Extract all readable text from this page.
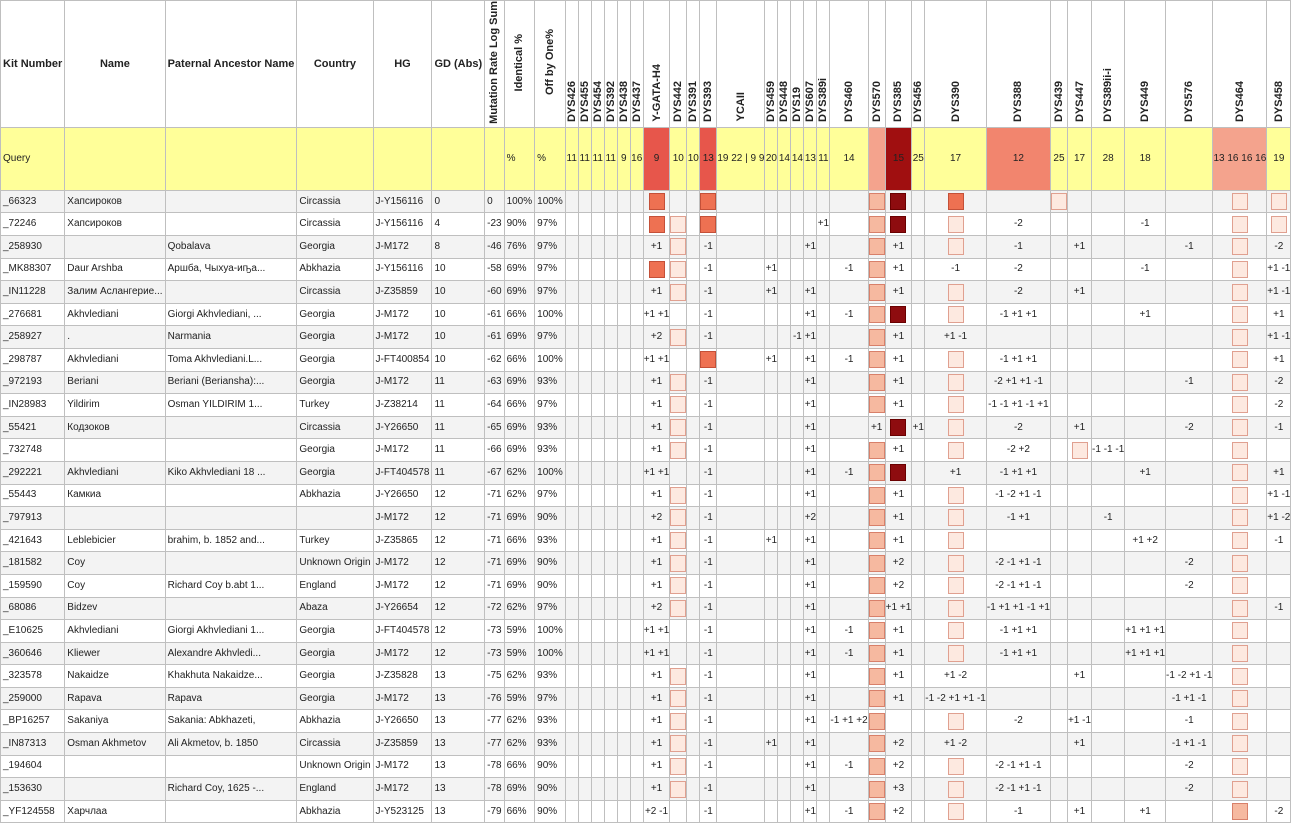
Kit Number	Name	Paternal Ancestor Name	Country	HG	GD (Abs)	Mutation Rate Log Sum	Identical %	Off by One%	DYS426	DYS455	DYS454	DYS392	DYS438	DYS437	Y-GATA-H4	DYS442	DYS391	DYS393	YCAII	DYS459	DYS448	DYS19	DYS607	DYS389i	DYS460	DYS570	DYS385	DYS456	DYS390	DYS388	DYS439	DYS447	DYS389ii-i	DYS449	DYS576	DYS464	DYS458
Query							%	%	11	11	11	11	9	16	9	10	10	13	19 22 | 9 9	20	14	14	13	11	14		15	25	17	12	25	17	28	18		13 16 16 16	19
_66323	Хапсироков		Circassia	J-Y156116	0	0	100%	100%																													
_72246	Хапсироков		Circassia	J-Y156116	4	-23	90%	97%																+1						-2				-1			
_258930		Qobalava	Georgia	J-M172	8	-46	76%	97%							+1			-1					+1				+1			-1		+1			-1		-2
_MK88307	Daur Arshba	Аршба, Чыхуа-иҧа...	Abkhazia	J-Y156116	10	-58	69%	97%										-1		+1					-1		+1		-1	-2				-1			+1 -1
_IN11228	Залим Аслангерие...		Circassia	J-Z35859	10	-60	69%	97%							+1			-1		+1			+1				+1			-2		+1					+1 -1
_276681	Akhvlediani	Giorgi Akhvlediani, ...	Georgia	J-M172	10	-61	66%	100%							+1 +1			-1					+1		-1					-1 +1 +1				+1			+1
_258927	.	Narmania	Georgia	J-M172	10	-61	69%	97%							+2			-1				-1	+1				+1		+1 -1								+1 -1
_298787	Akhvlediani	Toma Akhvlediani.L...	Georgia	J-FT400854	10	-62	66%	100%							+1 +1					+1			+1		-1		+1			-1 +1 +1							+1
_972193	Beriani	Beriani (Beriansha):...	Georgia	J-M172	11	-63	69%	93%							+1			-1					+1				+1			-2 +1 +1 -1					-1		-2
_IN28983	Yildirim	Osman YILDIRIM 1...	Turkey	J-Z38214	11	-64	66%	97%							+1			-1					+1				+1			-1 -1 +1 -1 +1							-2
_55421	Кодзоков		Circassia	J-Y26650	11	-65	69%	93%							+1			-1					+1			+1		+1		-2		+1			-2		-1
_732748			Georgia	J-M172	11	-66	69%	93%							+1			-1					+1				+1			-2 +2			-1 -1 -1				
_292221	Akhvlediani	Kiko Akhvlediani 18 ...	Georgia	J-FT404578	11	-67	62%	100%							+1 +1			-1					+1		-1				+1	-1 +1 +1				+1			+1
_55443	Камкиа		Abkhazia	J-Y26650	12	-71	62%	97%							+1			-1					+1				+1			-1 -2 +1 -1							+1 -1
_797913				J-M172	12	-71	69%	90%							+2			-1					+2				+1			-1 +1			-1				+1 -2
_421643	Leblebicier	brahim, b. 1852 and...	Turkey	J-Z35865	12	-71	66%	93%							+1			-1		+1			+1				+1							+1 +2			-1
_181582	Coy		Unknown Origin	J-M172	12	-71	69%	90%							+1			-1					+1				+2			-2 -1 +1 -1					-2		
_159590	Coy	Richard Coy b.abt 1...	England	J-M172	12	-71	69%	90%							+1			-1					+1				+2			-2 -1 +1 -1					-2		
_68086	Bidzev		Abaza	J-Y26654	12	-72	62%	97%							+2			-1					+1				+1 +1			-1 +1 +1 -1 +1							-1
_E10625	Akhvlediani	Giorgi Akhvlediani 1...	Georgia	J-FT404578	12	-73	59%	100%							+1 +1			-1					+1		-1		+1			-1 +1 +1				+1 +1 +1			
_360646	Kliewer	Alexandre Akhvledi...	Georgia	J-M172	12	-73	59%	100%							+1 +1			-1					+1		-1		+1			-1 +1 +1				+1 +1 +1			
_323578	Nakaidze	Khakhuta Nakaidze...	Georgia	J-Z35828	13	-75	62%	93%							+1			-1					+1				+1		+1 -2			+1			-1 -2 +1 -1		
_259000	Rapava	Rapava	Georgia	J-M172	13	-76	59%	97%							+1			-1					+1				+1		-1 -2 +1 +1 -1						-1 +1 -1		
_BP16257	Sakaniya	Sakania: Abkhazeti,	Abkhazia	J-Y26650	13	-77	62%	93%							+1			-1					+1		-1 +1 +2					-2		+1 -1			-1		
_IN87313	Osman Akhmetov	Ali Akmetov, b. 1850	Circassia	J-Z35859	13	-77	62%	93%							+1			-1		+1			+1				+2		+1 -2			+1			-1 +1 -1		
_194604			Unknown Origin	J-M172	13	-78	66%	90%							+1			-1					+1		-1		+2			-2 -1 +1 -1					-2		
_153630		Richard Coy, 1625 -...	England	J-M172	13	-78	69%	90%							+1			-1					+1				+3			-2 -1 +1 -1					-2		
_YF124558	Харчлаа		Abkhazia	J-Y523125	13	-79	66%	90%							+2 -1			-1					+1		-1		+2			-1		+1		+1			-2
